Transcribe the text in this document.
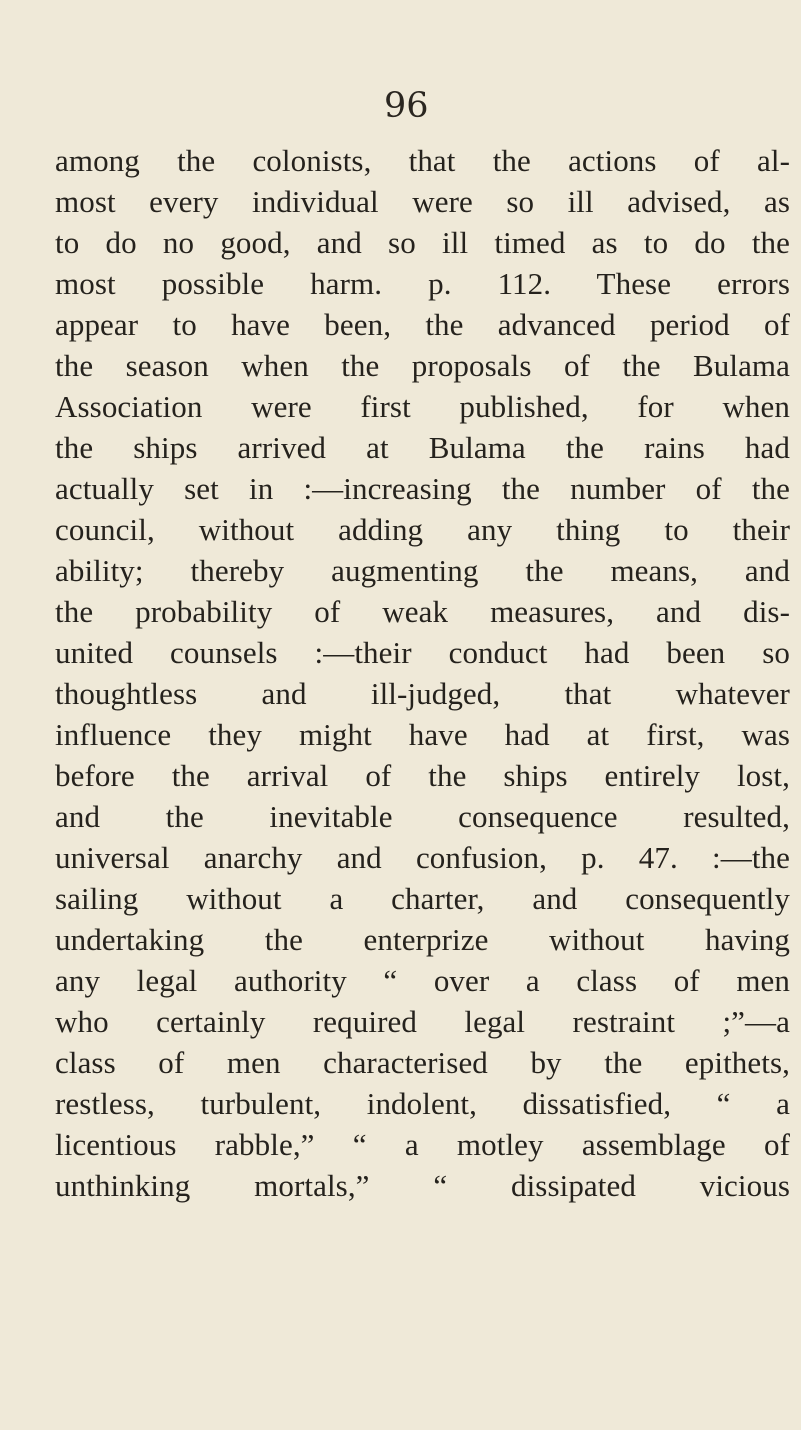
96
among the colonists, that the actions of al-
most every individual were so ill advised, as
to do no good, and so ill timed as to do the
most possible harm. p. 112. These errors
appear to have been, the advanced period of
the season when the proposals of the Bulama
Association were first published, for when
the ships arrived at Bulama the rains had
actually set in :—increasing the number of the
council, without adding any thing to their
ability; thereby augmenting the means, and
the probability of weak measures, and dis-
united counsels :—their conduct had been so
thoughtless and ill-judged, that whatever
influence they might have had at first, was
before the arrival of the ships entirely lost,
and the inevitable consequence resulted,
universal anarchy and confusion, p. 47. :—the
sailing without a charter, and consequently
undertaking the enterprize without having
any legal authority “ over a class of men
who certainly required legal restraint ;”—a
class of men characterised by the epithets,
restless, turbulent, indolent, dissatisfied, “ a
licentious rabble,” “ a motley assemblage of
unthinking mortals,” “ dissipated vicious
